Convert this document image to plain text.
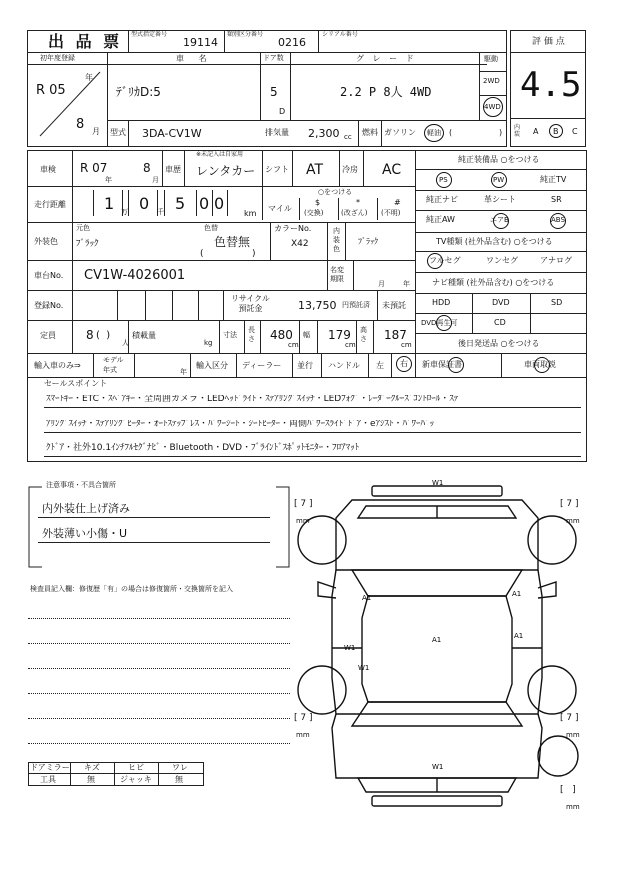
出 品 票 型式指定番号
19114
類別区分番号
0216
シリアル番号
評 価 点
4.5
内
装 A B C
初年度登録
年
R 05
8 月
車 名
ﾃﾞﾘｶD:5
ドア数
5
D
グ レ ー ド
2.2 P 8人 4WD
駆動
2WD
4WD
型式 3DA-CV1W	排気量 2,300 cc 燃料 ガソリン 軽油 (	)
車検 R 07
年
8
月
車歴
※未記入は自家用
レンタカー シフト AT 冷房 AC
走行距離 1 万 0 千 5 0 0
km
○をつける
マイル
$
(交換)
*
(改ざん)
#
(不明)
外装色
元色
ﾌﾞﾗｯｸ
色替
色替無
(	)
カラーNo.
X42
内
装
色
ﾌﾞﾗｯｸ
車台No. CV1W-4026001	名変
期限
月	年
登録No.
リサイクル
預託金	13,750 円預託済 未預託
定員	8 (  )
人
積載量
kg
寸法
長さ 480
cm
幅 179
cm
高さ 187
cm
輸入車のみ⇒
モデル
年式	年
輸入区分 ディーラー 並行 ハンドル 左 右
純正装備品 ○をつける
PS	PW	純正TV
純正ナビ	革シート	SR
純正AW	エアB	ABS
TV種類 (社外品含む) ○をつける
フルセグ	ワンセグ	アナログ
ナビ種類 (社外品含む) ○をつける
HDD	DVD	SD
DVD再生可	CD
後日発送品 ○をつける
新車保証書	車両取説
セールスポイント
ｽﾏｰﾄｷｰ・ETC・ｽﾍﾟｱｷｰ・全周囲カメラ・LEDﾍｯﾄﾞﾗｲﾄ・ｽﾃｱﾘﾝｸﾞｽｲｯﾁ・LEDﾌｫｸﾞ・ﾚｰﾀﾞｰｸﾙｰｽﾞｺﾝﾄﾛｰﾙ・ｽﾃ
ｱﾘﾝｸﾞｽｲｯﾁ・ｽﾃｱﾘﾝｸﾞﾋｰﾀｰ・ｵｰﾄｽﾃｯﾌﾟﾚｽ・ﾊﾟﾜｰｼｰﾄ・ｼｰﾄﾋｰﾀｰ・両側ﾊﾟﾜｰｽﾗｲﾄﾞﾄﾞｱ・eｱｼｽﾄ・ﾊﾟﾜｰﾊﾞｯ
ｸﾄﾞｱ・社外10.1ｲﾝﾁﾌﾙｾｸﾞﾅﾋﾞ・Bluetooth・DVD・ﾌﾞﾗｲﾝﾄﾞｽﾎﾟｯﾄﾓﾆﾀｰ・ﾌﾛｱﾏｯﾄ
注意事項・不具合箇所
内外装仕上げ済み
外装薄い小傷・U
検査員記入欄：修復歴「有」の場合は修復箇所・交換箇所を記入
ドアミラー キズ	ヒビ	ワレ
工具	無	ジャッキ	無
W1
A1	A1
A1	A1
W1
W1
W1
[ 7 ]
mm
[ 7 ]
mm
[ 7 ]
mm
[ 7 ]
mm
[   ]
mm
